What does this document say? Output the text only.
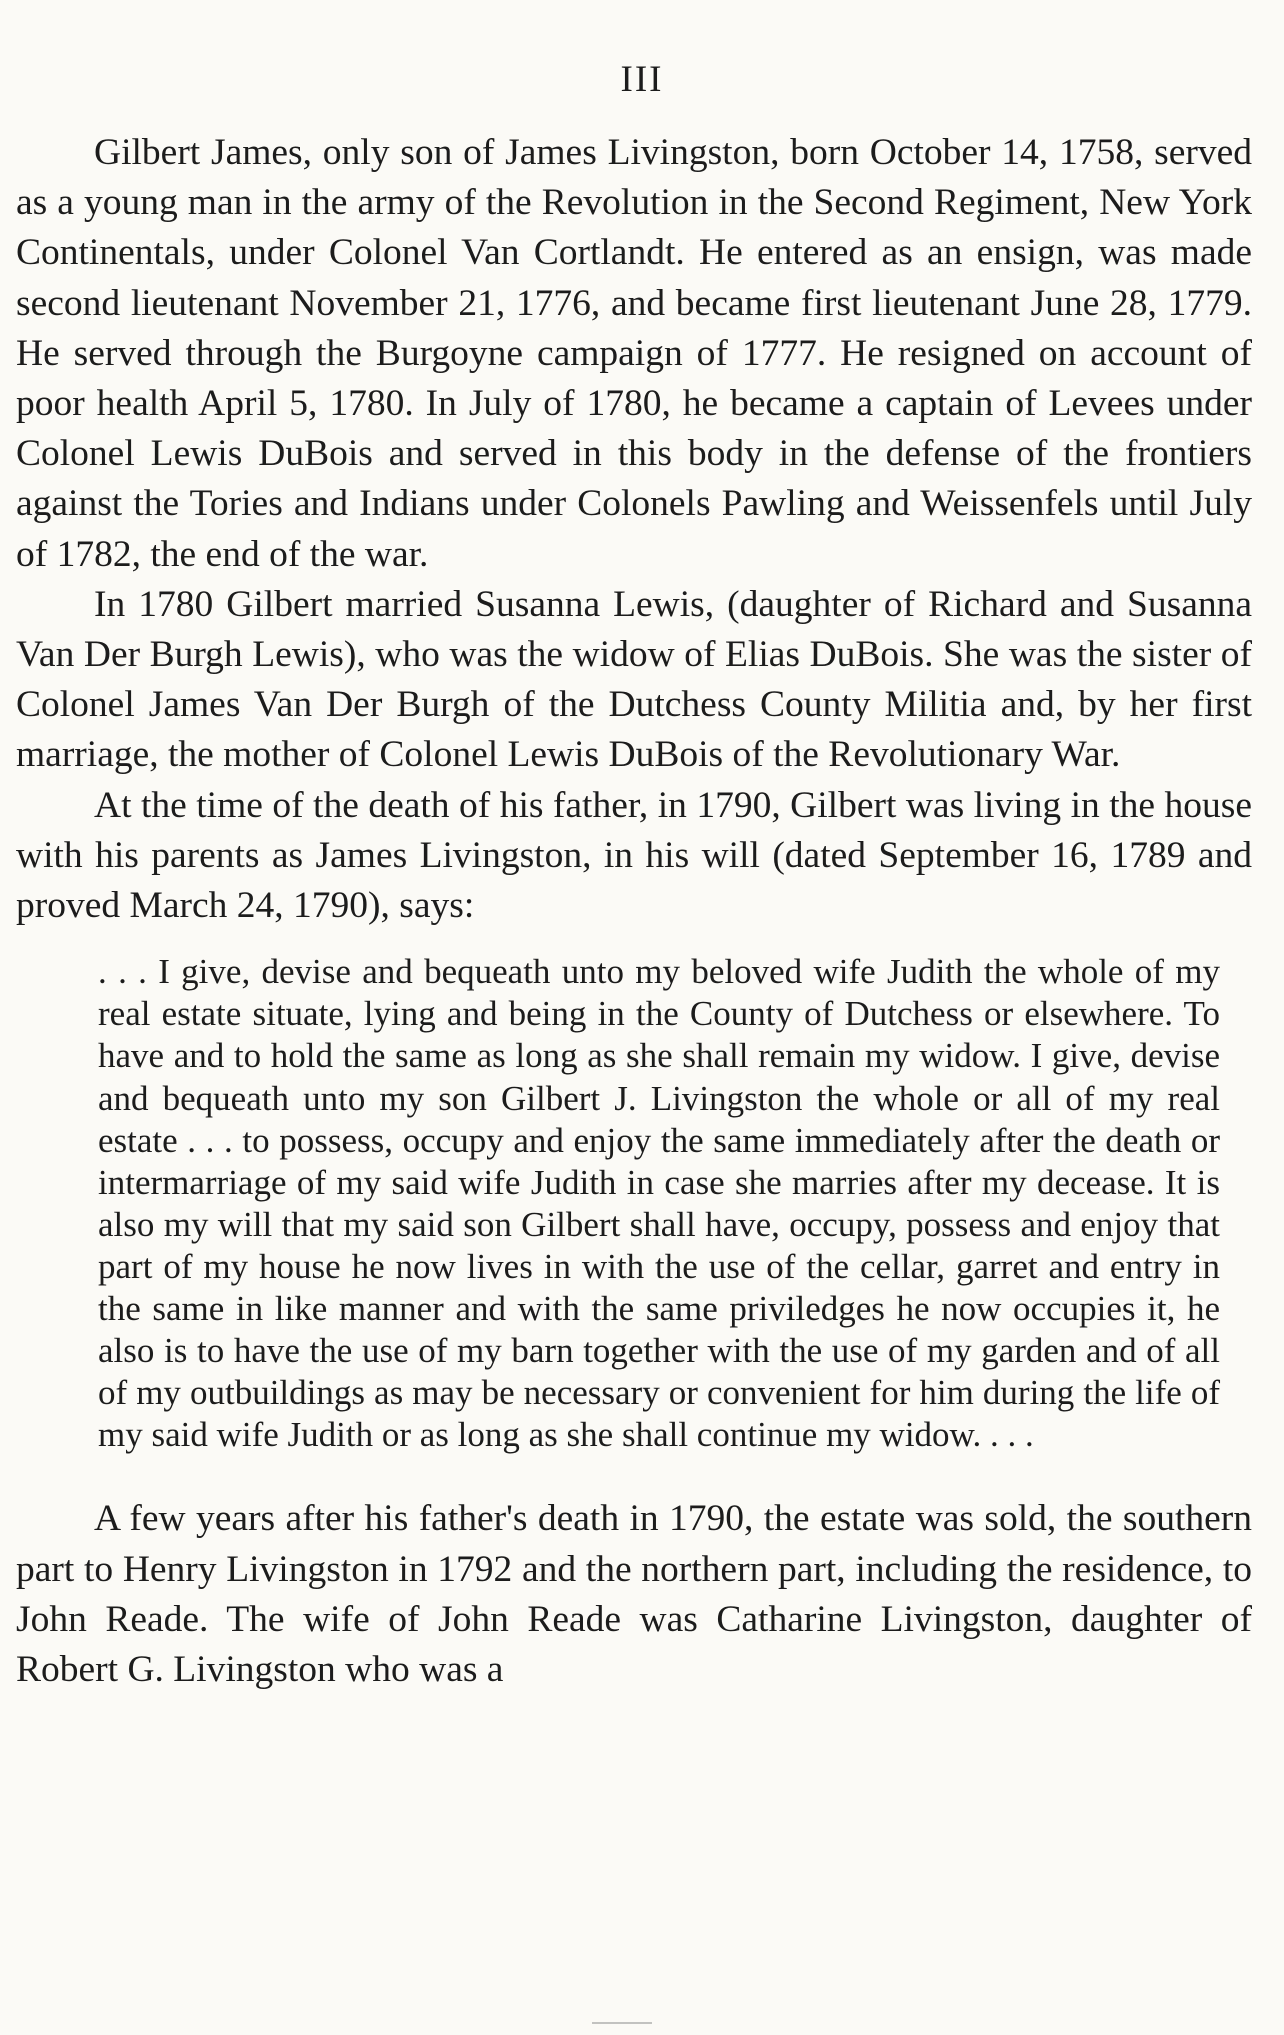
III

Gilbert James, only son of James Livingston, born October 14, 1758, served as a young man in the army of the Revolution in the Second Regiment, New York Continentals, under Colonel Van Cortlandt. He entered as an ensign, was made second lieutenant November 21, 1776, and became first lieutenant June 28, 1779. He served through the Burgoyne campaign of 1777. He resigned on account of poor health April 5, 1780. In July of 1780, he became a captain of Levees under Colonel Lewis DuBois and served in this body in the defense of the frontiers against the Tories and Indians under Colonels Pawling and Weissenfels until July of 1782, the end of the war.

In 1780 Gilbert married Susanna Lewis, (daughter of Richard and Susanna Van Der Burgh Lewis), who was the widow of Elias DuBois. She was the sister of Colonel James Van Der Burgh of the Dutchess County Militia and, by her first marriage, the mother of Colonel Lewis DuBois of the Revolutionary War.

At the time of the death of his father, in 1790, Gilbert was living in the house with his parents as James Livingston, in his will (dated September 16, 1789 and proved March 24, 1790), says:

. . . I give, devise and bequeath unto my beloved wife Judith the whole of my real estate situate, lying and being in the County of Dutchess or elsewhere. To have and to hold the same as long as she shall remain my widow. I give, devise and bequeath unto my son Gilbert J. Livingston the whole or all of my real estate . . . to possess, occupy and enjoy the same immediately after the death or intermarriage of my said wife Judith in case she marries after my decease. It is also my will that my said son Gilbert shall have, occupy, possess and enjoy that part of my house he now lives in with the use of the cellar, garret and entry in the same in like manner and with the same priviledges he now occupies it, he also is to have the use of my barn together with the use of my garden and of all of my outbuildings as may be necessary or convenient for him during the life of my said wife Judith or as long as she shall continue my widow. . . .

A few years after his father's death in 1790, the estate was sold, the southern part to Henry Livingston in 1792 and the northern part, including the residence, to John Reade. The wife of John Reade was Catharine Livingston, daughter of Robert G. Livingston who was a
